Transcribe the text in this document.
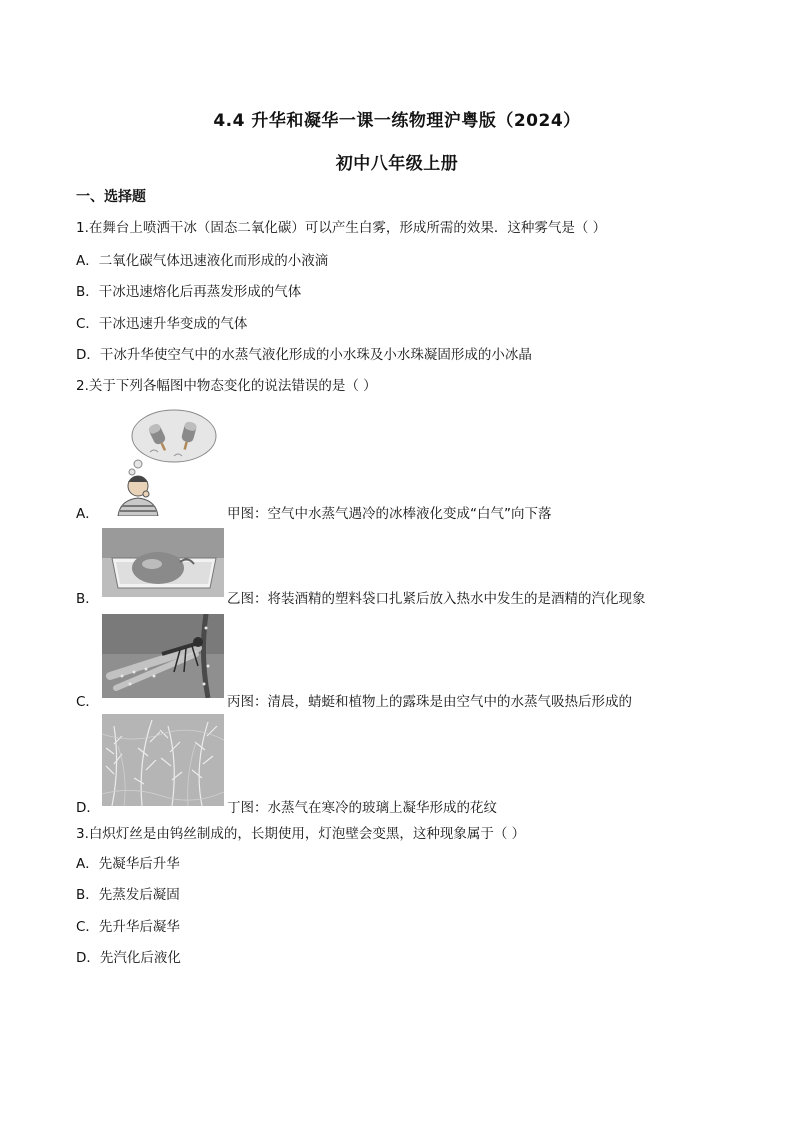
4.4 升华和凝华一课一练物理沪粤版（2024）
初中八年级上册
一、选择题
1.在舞台上喷洒干冰（固态二氧化碳）可以产生白雾，形成所需的效果．这种雾气是（ ）
A．二氧化碳气体迅速液化而形成的小液滴
B．干冰迅速熔化后再蒸发形成的气体
C．干冰迅速升华变成的气体
D．干冰升华使空气中的水蒸气液化形成的小水珠及小水珠凝固形成的小冰晶
2.关于下列各幅图中物态变化的说法错误的是（ ）
A．	甲图：空气中水蒸气遇冷的冰棒液化变成“白气”向下落
B．	乙图：将装酒精的塑料袋口扎紧后放入热水中发生的是酒精的汽化现象
C．	丙图：清晨，蜻蜓和植物上的露珠是由空气中的水蒸气吸热后形成的
D．	丁图：水蒸气在寒冷的玻璃上凝华形成的花纹
3.白炽灯丝是由钨丝制成的，长期使用，灯泡壁会变黑，这种现象属于（ ）
A．先凝华后升华
B．先蒸发后凝固
C．先升华后凝华
D．先汽化后液化
